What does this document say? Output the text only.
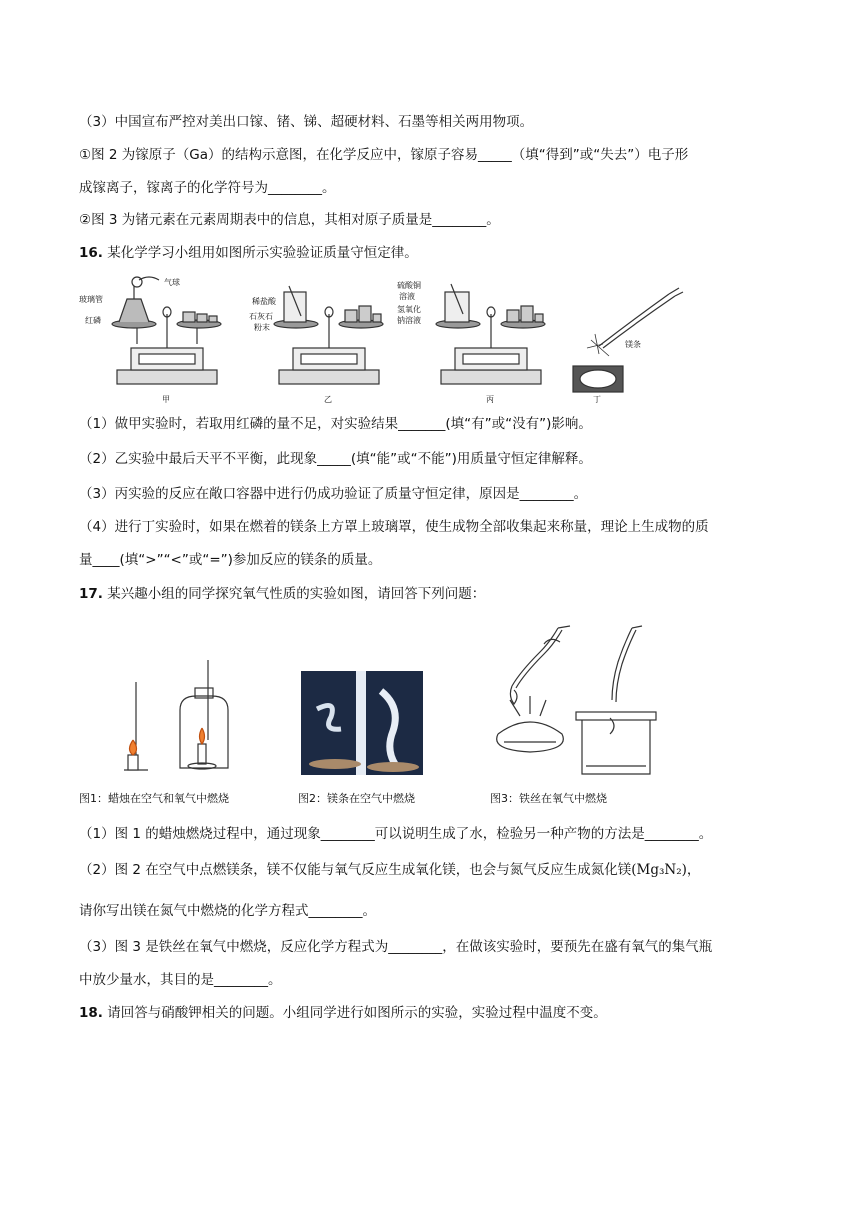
（3）中国宣布严控对美出口镓、锗、锑、超硬材料、石墨等相关两用物项。
①图 2 为镓原子（Ga）的结构示意图，在化学反应中，镓原子容易_____（填“得到”或“失去”）电子形
成镓离子，镓离子的化学符号为________。
②图 3 为锗元素在元素周期表中的信息，其相对原子质量是________。
16. 某化学学习小组用如图所示实验验证质量守恒定律。
气球
玻璃管
红磷
稀盐酸
石灰石
粉末
硫酸铜
溶液
氢氧化
钠溶液
镁条
甲	乙	丙	丁
（1）做甲实验时，若取用红磷的量不足，对实验结果_______(填“有”或“没有”)影响。
（2）乙实验中最后天平不平衡，此现象_____(填“能”或“不能”)用质量守恒定律解释。
（3）丙实验的反应在敞口容器中进行仍成功验证了质量守恒定律，原因是________。
（4）进行丁实验时，如果在燃着的镁条上方罩上玻璃罩，使生成物全部收集起来称量，理论上生成物的质
量____(填“>”“<”或“=”)参加反应的镁条的质量。
17. 某兴趣小组的同学探究氧气性质的实验如图，请回答下列问题：
图1：蜡烛在空气和氧气中燃烧	图2：镁条在空气中燃烧	图3：铁丝在氧气中燃烧
（1）图 1 的蜡烛燃烧过程中，通过现象________可以说明生成了水，检验另一种产物的方法是________。
（2）图 2 在空气中点燃镁条，镁不仅能与氧气反应生成氧化镁，也会与氮气反应生成氮化镁(Mg₃N₂)，
请你写出镁在氮气中燃烧的化学方程式________。
（3）图 3 是铁丝在氧气中燃烧，反应化学方程式为________，在做该实验时，要预先在盛有氧气的集气瓶
中放少量水，其目的是________。
18. 请回答与硝酸钾相关的问题。小组同学进行如图所示的实验，实验过程中温度不变。
